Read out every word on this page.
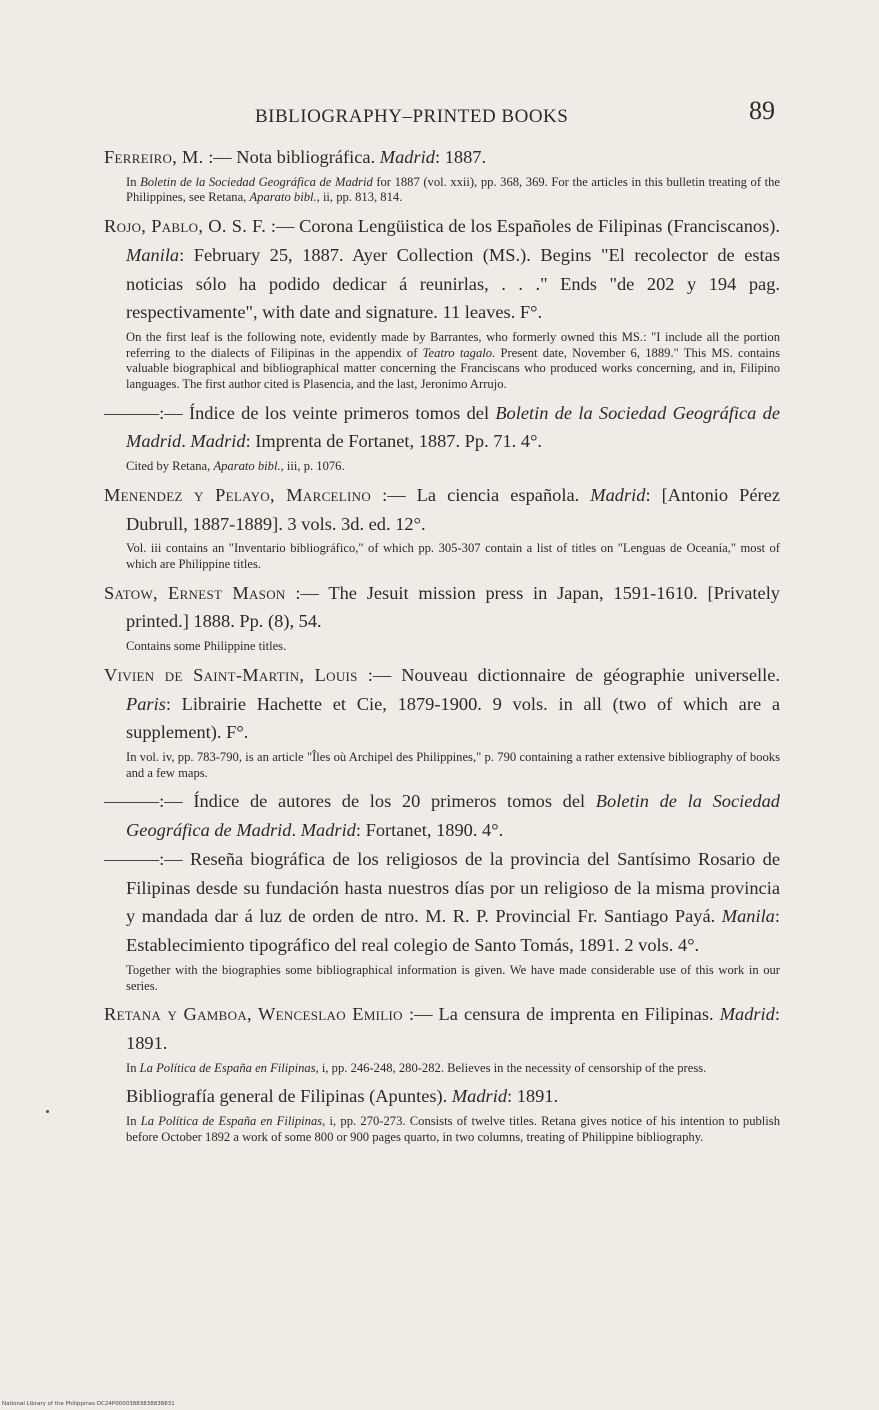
BIBLIOGRAPHY–PRINTED BOOKS	89

Ferreiro, M. :— Nota bibliográfica. Madrid: 1887.

In Boletin de la Sociedad Geográfica de Madrid for 1887 (vol. xxii), pp. 368, 369. For the articles in this bulletin treating of the Philippines, see Retana, Aparato bibl., ii, pp. 813, 814.

Rojo, Pablo, O. S. F. :— Corona Lengüistica de los Españoles de Filipinas (Franciscanos). Manila: February 25, 1887. Ayer Collection (MS.). Begins "El recolector de estas noticias sólo ha podido dedicar á reunirlas, . . ." Ends "de 202 y 194 pag. respectivamente", with date and signature. 11 leaves. F°.

On the first leaf is the following note, evidently made by Barrantes, who formerly owned this MS.: "I include all the portion referring to the dialects of Filipinas in the appendix of Teatro tagalo. Present date, November 6, 1889." This MS. contains valuable biographical and bibliographical matter concerning the Franciscans who produced works concerning, and in, Filipino languages. The first author cited is Plasencia, and the last, Jeronimo Arrujo.

———:— Índice de los veinte primeros tomos del Boletin de la Sociedad Geográfica de Madrid. Madrid: Imprenta de Fortanet, 1887. Pp. 71. 4°.

Cited by Retana, Aparato bibl., iii, p. 1076.

Menendez y Pelayo, Marcelino :— La ciencia española. Madrid: [Antonio Pérez Dubrull, 1887-1889]. 3 vols. 3d. ed. 12°.

Vol. iii contains an "Inventario bibliográfico," of which pp. 305-307 contain a list of titles on "Lenguas de Oceanía," most of which are Philippine titles.

Satow, Ernest Mason :— The Jesuit mission press in Japan, 1591-1610. [Privately printed.] 1888. Pp. (8), 54.

Contains some Philippine titles.

Vivien de Saint-Martin, Louis :— Nouveau dictionnaire de géographie universelle. Paris: Librairie Hachette et Cie, 1879-1900. 9 vols. in all (two of which are a supplement). F°.

In vol. iv, pp. 783-790, is an article "Îles où Archipel des Philippines," p. 790 containing a rather extensive bibliography of books and a few maps.

———:— Índice de autores de los 20 primeros tomos del Boletin de la Sociedad Geográfica de Madrid. Madrid: Fortanet, 1890. 4°.

———:— Reseña biográfica de los religiosos de la provincia del Santísimo Rosario de Filipinas desde su fundación hasta nuestros días por un religioso de la misma provincia y mandada dar á luz de orden de ntro. M. R. P. Provincial Fr. Santiago Payá. Manila: Establecimiento tipográfico del real colegio de Santo Tomás, 1891. 2 vols. 4°.

Together with the biographies some bibliographical information is given. We have made considerable use of this work in our series.

Retana y Gamboa, Wenceslao Emilio :— La censura de imprenta en Filipinas. Madrid: 1891.

In La Política de España en Filipinas, i, pp. 246-248, 280-282. Believes in the necessity of censorship of the press.

Bibliografía general de Filipinas (Apuntes). Madrid: 1891.

In La Política de España en Filipinas, i, pp. 270-273. Consists of twelve titles. Retana gives notice of his intention to publish before October 1892 a work of some 800 or 900 pages quarto, in two columns, treating of Philippine bibliography.

National Library of the Philippines DC24P00003883838838831
